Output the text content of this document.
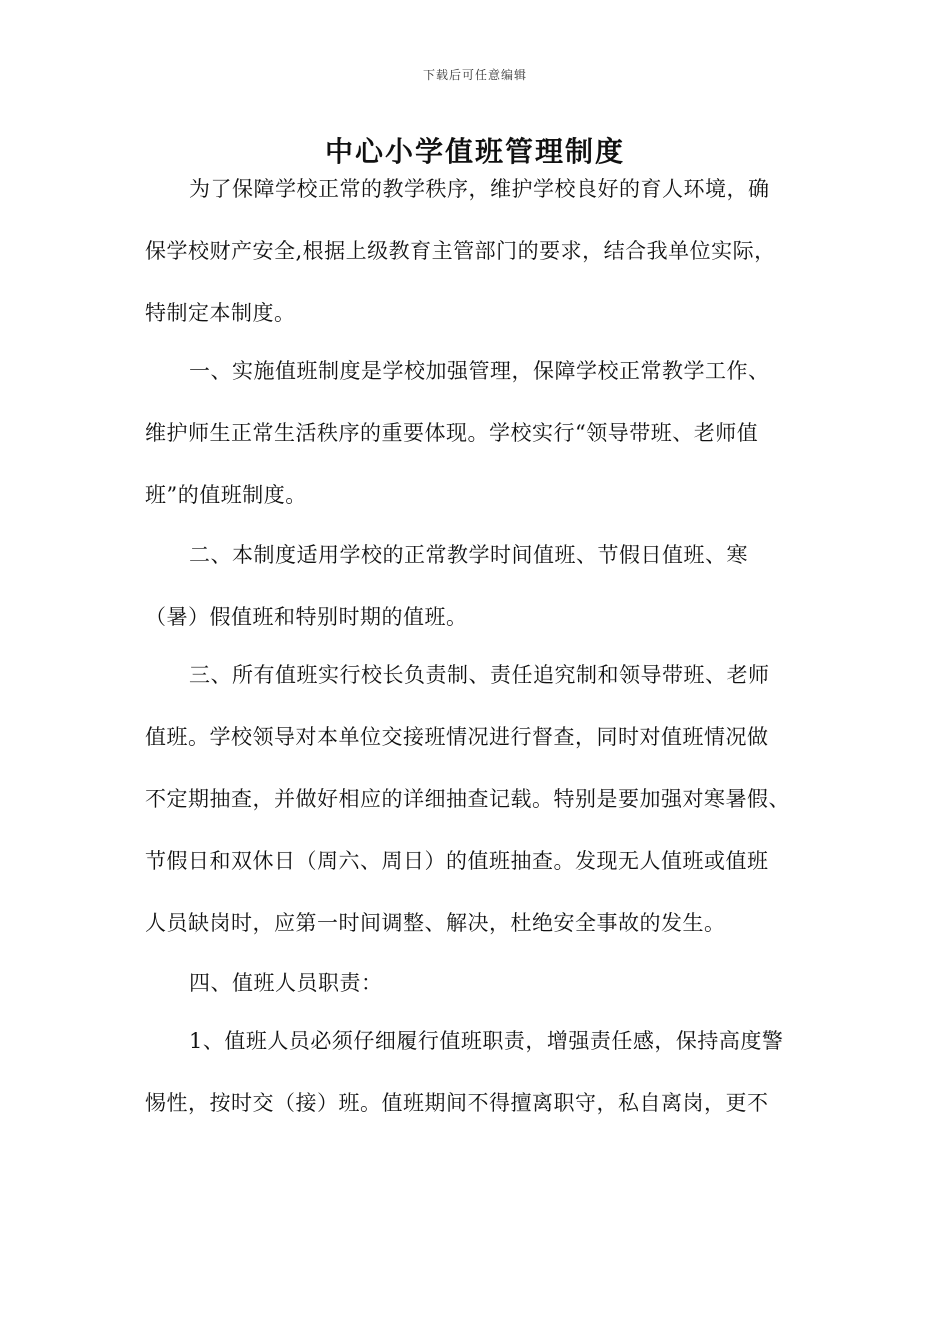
下载后可任意编辑
中心小学值班管理制度
为了保障学校正常的教学秩序，维护学校良好的育人环境，确
保学校财产安全,根据上级教育主管部门的要求，结合我单位实际，
特制定本制度。
一、实施值班制度是学校加强管理，保障学校正常教学工作、
维护师生正常生活秩序的重要体现。学校实行“领导带班、老师值
班”的值班制度。
二、本制度适用学校的正常教学时间值班、节假日值班、寒
（暑）假值班和特别时期的值班。
三、所有值班实行校长负责制、责任追究制和领导带班、老师
值班。学校领导对本单位交接班情况进行督查，同时对值班情况做
不定期抽查，并做好相应的详细抽查记载。特别是要加强对寒暑假、
节假日和双休日（周六、周日）的值班抽查。发现无人值班或值班
人员缺岗时，应第一时间调整、解决，杜绝安全事故的发生。
四、值班人员职责：
1、值班人员必须仔细履行值班职责，增强责任感，保持高度警
惕性，按时交（接）班。值班期间不得擅离职守，私自离岗，更不
